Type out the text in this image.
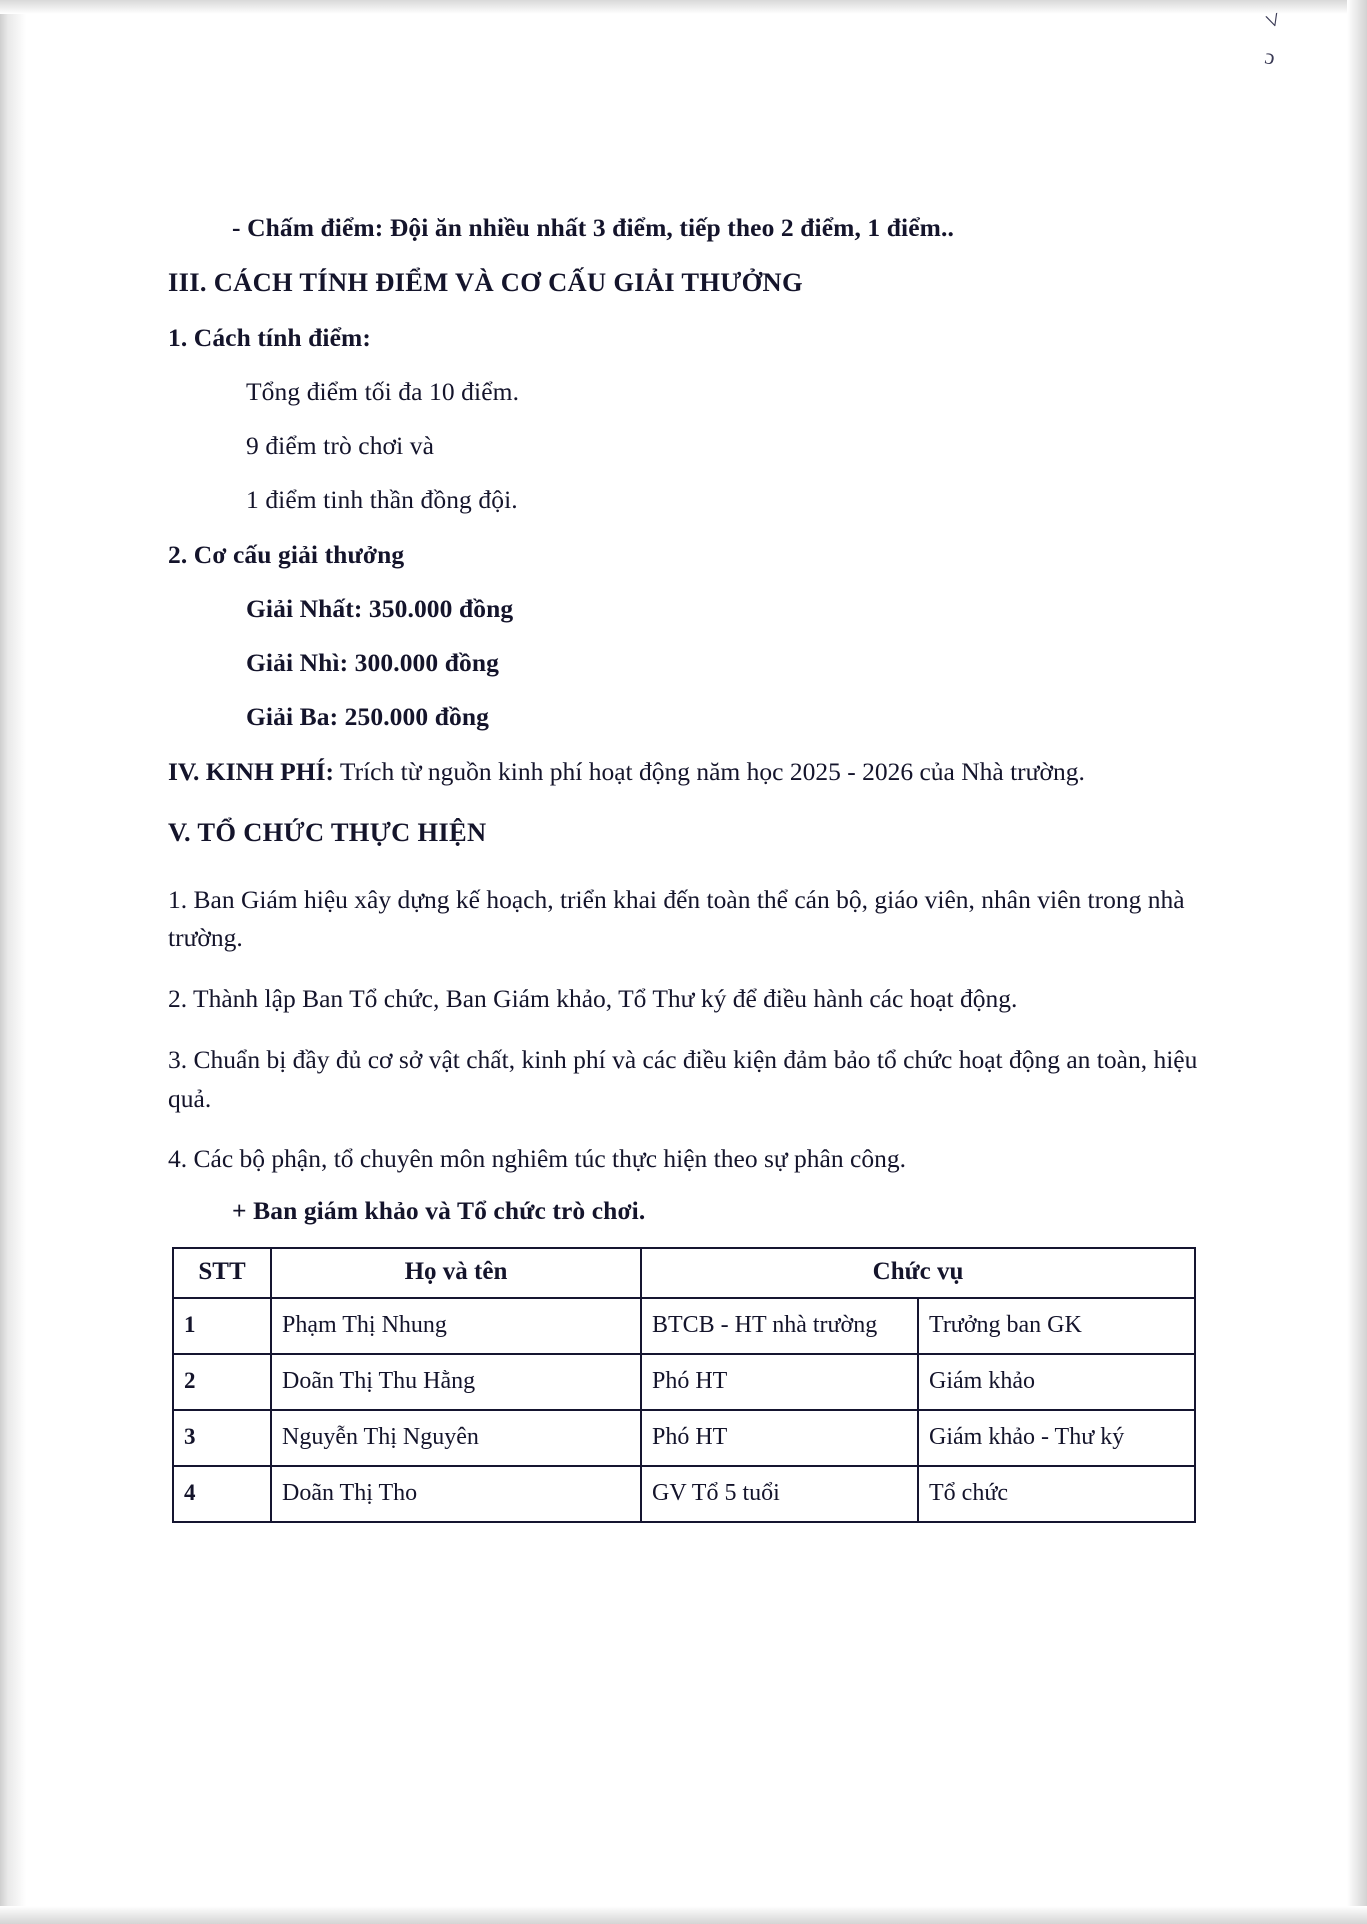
˅
ɔ

- Chấm điểm: Đội ăn nhiều nhất 3 điểm, tiếp theo 2 điểm, 1 điểm..

III. CÁCH TÍNH ĐIỂM VÀ CƠ CẤU GIẢI THƯỞNG

1. Cách tính điểm:

Tổng điểm tối đa 10 điểm.

9 điểm trò chơi và

1 điểm tinh thần đồng đội.

2. Cơ cấu giải thưởng

Giải Nhất: 350.000 đồng

Giải Nhì: 300.000 đồng

Giải Ba: 250.000 đồng

IV. KINH PHÍ: Trích từ nguồn kinh phí hoạt động năm học 2025 - 2026 của Nhà trường.

V. TỔ CHỨC THỰC HIỆN

1. Ban Giám hiệu xây dựng kế hoạch, triển khai đến toàn thể cán bộ, giáo viên, nhân viên trong nhà trường.

2. Thành lập Ban Tổ chức, Ban Giám khảo, Tổ Thư ký để điều hành các hoạt động.

3. Chuẩn bị đầy đủ cơ sở vật chất, kinh phí và các điều kiện đảm bảo tổ chức hoạt động an toàn, hiệu quả.

4. Các bộ phận, tổ chuyên môn nghiêm túc thực hiện theo sự phân công.

+ Ban giám khảo và Tổ chức trò chơi.

STT	Họ và tên	Chức vụ	
1	Phạm Thị Nhung	BTCB - HT nhà trường	Trưởng ban GK
2	Doãn Thị Thu Hằng	Phó HT	Giám khảo
3	Nguyễn Thị Nguyên	Phó HT	Giám khảo - Thư ký
4	Doãn Thị Tho	GV Tổ 5 tuổi	Tổ chức
